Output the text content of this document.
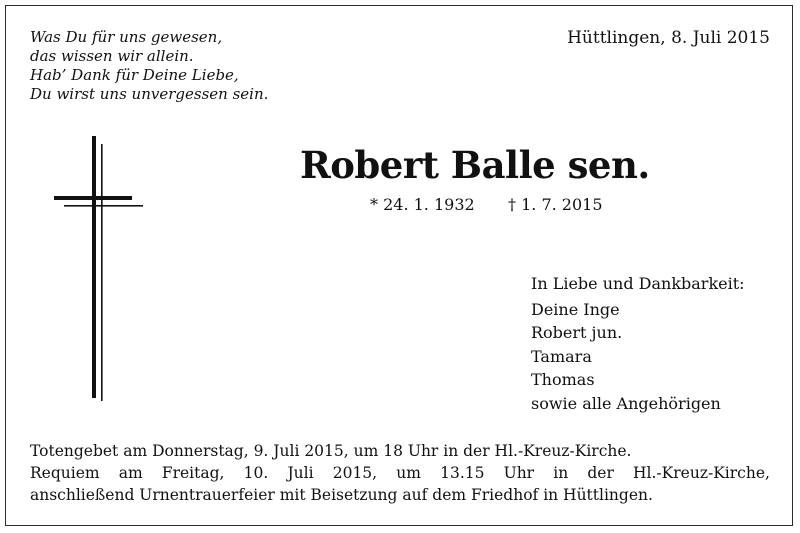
Was Du für uns gewesen,
das wissen wir allein.
Hab’ Dank für Deine Liebe,
Du wirst uns unvergessen sein.
Hüttlingen, 8. Juli 2015
Robert Balle sen.
* 24. 1. 1932 † 1. 7. 2015
In Liebe und Dankbarkeit:
Deine Inge
Robert jun.
Tamara
Thomas
sowie alle Angehörigen
Totengebet am Donnerstag, 9. Juli 2015, um 18 Uhr in der Hl.-Kreuz-Kirche.
Requiem am Freitag, 10. Juli 2015, um 13.15 Uhr in der Hl.-Kreuz-Kirche,
anschließend Urnentrauerfeier mit Beisetzung auf dem Friedhof in Hüttlingen.
